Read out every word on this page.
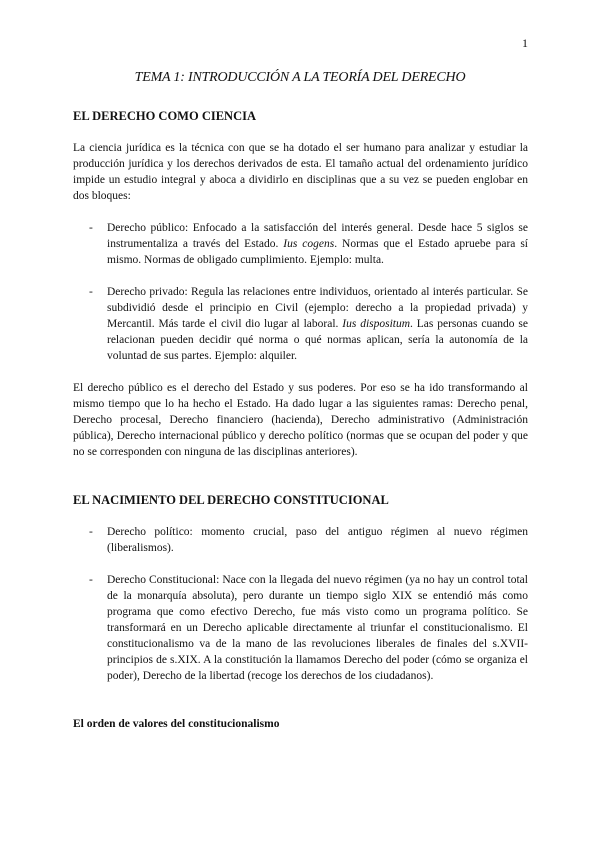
1
TEMA 1: INTRODUCCIÓN A LA TEORÍA DEL DERECHO

EL DERECHO COMO CIENCIA

La ciencia jurídica es la técnica con que se ha dotado el ser humano para analizar y estudiar la producción jurídica y los derechos derivados de esta. El tamaño actual del ordenamiento jurídico impide un estudio integral y aboca a dividirlo en disciplinas que a su vez se pueden englobar en dos bloques:

- Derecho público: Enfocado a la satisfacción del interés general. Desde hace 5 siglos se instrumentaliza a través del Estado. Ius cogens. Normas que el Estado apruebe para sí mismo. Normas de obligado cumplimiento. Ejemplo: multa.

- Derecho privado: Regula las relaciones entre individuos, orientado al interés particular. Se subdividió desde el principio en Civil (ejemplo: derecho a la propiedad privada) y Mercantil. Más tarde el civil dio lugar al laboral. Ius dispositum. Las personas cuando se relacionan pueden decidir qué norma o qué normas aplican, sería la autonomía de la voluntad de sus partes. Ejemplo: alquiler.

El derecho público es el derecho del Estado y sus poderes. Por eso se ha ido transformando al mismo tiempo que lo ha hecho el Estado. Ha dado lugar a las siguientes ramas: Derecho penal, Derecho procesal, Derecho financiero (hacienda), Derecho administrativo (Administración pública), Derecho internacional público y derecho político (normas que se ocupan del poder y que no se corresponden con ninguna de las disciplinas anteriores).

EL NACIMIENTO DEL DERECHO CONSTITUCIONAL

- Derecho político: momento crucial, paso del antiguo régimen al nuevo régimen (liberalismos).

- Derecho Constitucional: Nace con la llegada del nuevo régimen (ya no hay un control total de la monarquía absoluta), pero durante un tiempo siglo XIX se entendió más como programa que como efectivo Derecho, fue más visto como un programa político. Se transformará en un Derecho aplicable directamente al triunfar el constitucionalismo. El constitucionalismo va de la mano de las revoluciones liberales de finales del s.XVII-principios de s.XIX. A la constitución la llamamos Derecho del poder (cómo se organiza el poder), Derecho de la libertad (recoge los derechos de los ciudadanos).

El orden de valores del constitucionalismo
